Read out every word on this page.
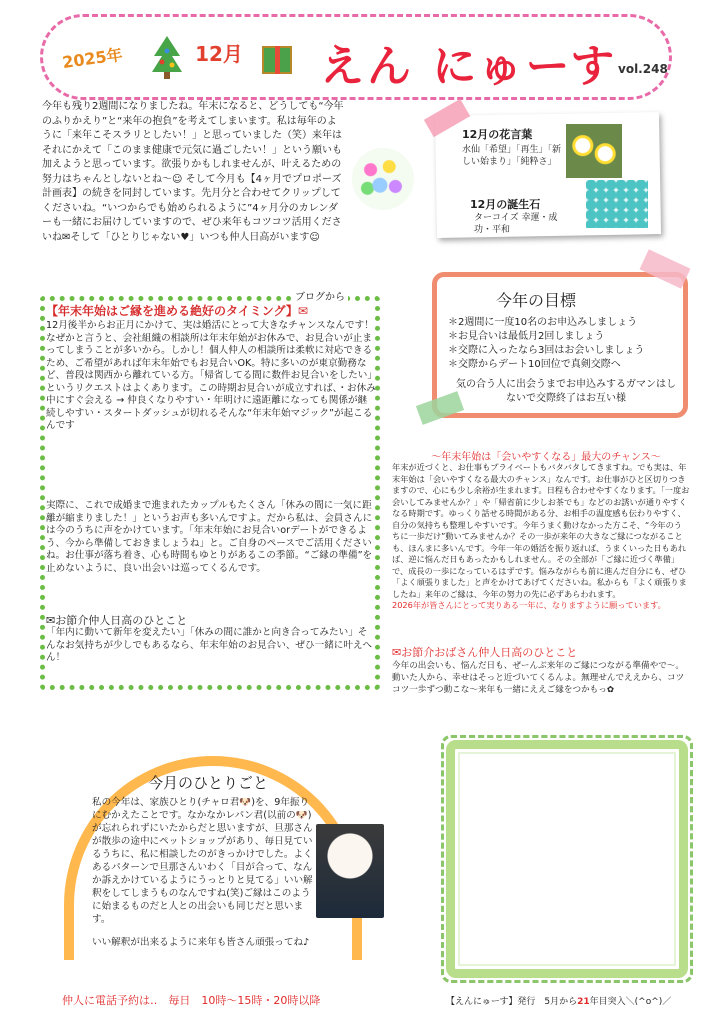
2025年	12月 えん にゅーす vol.248

今年も残り2週間になりましたね。年末になると、どうしても“今年のふりかえり”と“来年の抱負”を考えてしまいます。私は毎年のように「来年こそスラリとしたい！」と思っていました（笑）来年はそれにかえて「このまま健康で元気に過ごしたい！」という願いも加えようと思っています。欲張りかもしれませんが、叶えるための努力はちゃんとしないとね～☺ そして今月も【4ヶ月でプロポーズ計画表】の続きを同封しています。先月分と合わせてクリップしてくださいね。“いつからでも始められるように”4ヶ月分のカレンダーも一緒にお届けしていますので、ぜひ来年もコツコツ活用くださいね✉そして「ひとりじゃない♥」いつも仲人日高がいます☺

12月の花言葉
水仙「希望」「再生」「新しい始まり」「純粋さ」
12月の誕生石
ターコイズ 幸運・成功・平和
今年の目標
＊2週間に一度10名のお申込みしましょう
＊お見合いは最低月2回しましょう
＊交際に入ったなら3回はお会いしましょう
＊交際からデート10回位で真剣交際へ
気の合う人に出会うまでお申込みするガマンはしないで交際終了はお互い様
ブログから
【年末年始はご縁を進める絶好のタイミング】✉

12月後半からお正月にかけて、実は婚活にとって大きなチャンスなんです！なぜかと言うと、会社組織の相談所は年末年始がお休みで、お見合いが止まってしまうことが多いから。しかし！個人仲人の相談所は柔軟に対応できるため、ご希望があれば年末年始でもお見合いOK。特に多いのが東京勤務など、普段は関西から離れている方。「帰省してる間に数件お見合いをしたい」というリクエストはよくあります。この時期お見合いが成立すれば、・お休み中にすぐ会える → 仲良くなりやすい・年明けに遠距離になっても関係が継続しやすい・スタートダッシュが切れるそんな“年末年始マジック”が起こるんです

実際に、これで成婚まで進まれたカップルもたくさん「休みの間に一気に距離が縮まりました！」というお声も多いんですよ。だから私は、会員さんには今のうちに声をかけています。「年末年始にお見合いorデートができるよう、今から準備しておきましょうね」と。ご自身のペースでご活用くださいね。お仕事が落ち着き、心も時間もゆとりがあるこの季節。“ご縁の準備”を止めないように、良い出会いは巡ってくるんです。

✉お節介仲人日高のひとこと

「年内に動いて新年を変えたい」「休みの間に誰かと向き合ってみたい」そんなお気持ちが少しでもあるなら、年末年始のお見合い、ぜひ一緒に叶えへん！

～年末年始は「会いやすくなる」最大のチャンス～

年末が近づくと、お仕事もプライベートもバタバタしてきますね。でも実は、年末年始は「会いやすくなる最大のチャンス」なんです。お仕事がひと区切りつきますので、心にも少し余裕が生まれます。日程も合わせやすくなります。「一度お会いしてみませんか？」や「帰省前に少しお茶でも」などのお誘いが通りやすくなる時期です。ゆっくり話せる時間がある分、お相手の温度感も伝わりやすく、自分の気持ちも整理しやすいです。今年うまく動けなかった方こそ、“今年のうちに一歩だけ”動いてみませんか？その一歩が来年の大きなご縁につながることも、ほんまに多いんです。今年一年の婚活を振り返れば、うまくいった日もあれば、逆に悩んだ日もあったかもしれません。その全部が「ご縁に近づく準備」で、成長の一歩になっているはずです。悩みながらも前に進んだ自分にも、ぜひ「よく頑張りました」と声をかけてあげてくださいね。私からも「よく頑張りましたね」来年のご縁は、今年の努力の先に必ずあらわれます。
2026年が皆さんにとって実りある一年に、なりますように願っています。

✉お節介おばさん仲人日高のひとこと

今年の出会いも、悩んだ日も、ぜーんぶ来年のご縁につながる準備やで～。動いた人から、幸せはそっと近づいてくるんよ。無理せんでええから、コツコツ一歩ずつ動こな～来年も一緒にええご縁をつかもっ✿

今月のひとりごと

私の今年は、家族ひとり(チャロ君🐶)を、9年振りにむかえたことです。なかなかレパン君(以前の🐶)が忘れられずにいたからだと思いますが、旦那さんが散歩の途中にペットショップがあり、毎日見ているうちに、私に相談したのがきっかけでした。よくあるパターンで旦那さんいわく「目が合って、なんか訴えかけているようにうっとりと見てる」いい解釈をしてしまうものなんですね(笑)ご縁はこのように始まるものだと人との出会いも同じだと思います。

いい解釈が出来るように来年も皆さん頑張ってね♪

仲人に電話予約は‥　毎日　10時～15時・20時以降	【えんにゅーす】発行　5月から21年目突入＼(^o^)／
